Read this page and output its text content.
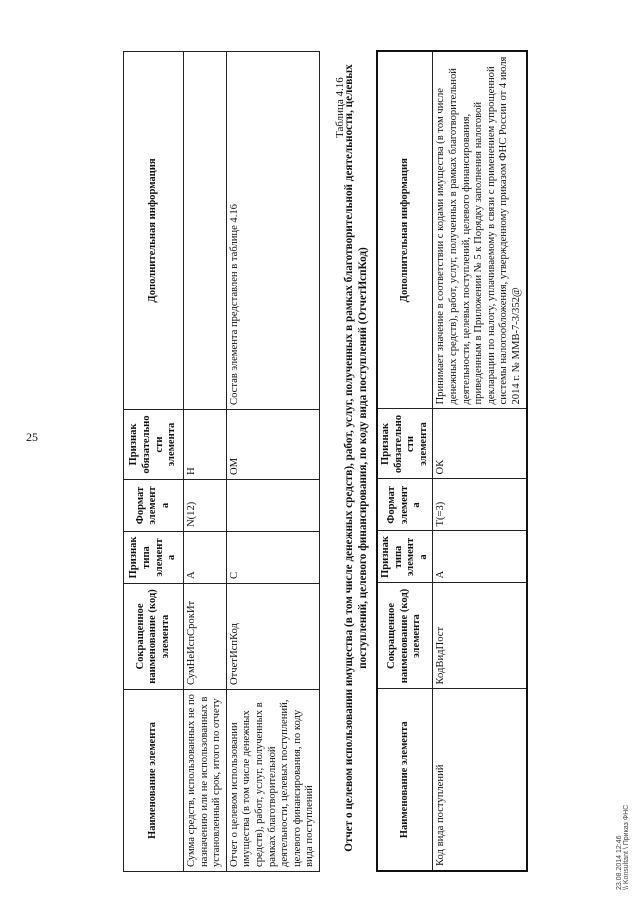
25
Наименование элемента	Сокращенное наименование (код) элемента	Признак типа элемента	Формат элемента	Признак обязательности элемента	Дополнительная информация
Сумма средств, использованных не по назначению или не использованных в установленный срок, итого по отчету	СумНеИспСрокИт	А	N(12)	Н	
Отчет о целевом использовании имущества (в том числе денежных средств), работ, услуг, полученных в рамках благотворительной деятельности, целевых поступлений, целевого финансирования, по коду вида поступлений	ОтчетИспКод	С		ОМ	Состав элемента представлен в таблице 4.16
Таблица 4.16
Отчет о целевом использовании имущества (в том числе денежных средств), работ, услуг, полученных в рамках благотворительной деятельности, целевых поступлений, целевого финансирования, по коду вида поступлений (ОтчетИспКод)
Наименование элемента	Сокращенное наименование (код) элемента	Признак типа элемента	Формат элемента	Признак обязательности элемента	Дополнительная информация
Код вида поступлений	КодВидПост	А	Т(=3)	ОК	Принимает значение в соответствии с кодами имущества (в том числе денежных средств), работ, услуг, полученных в рамках благотворительной деятельности, целевых поступлений, целевого финансирования, приведенным в Приложении № 5 к Порядку заполнения налоговой декларации по налогу, уплачиваемому в связи с применением упрощенной системы налогообложения, утвержденному приказом ФНС России от 4 июля 2014 г. № ММВ-7-3/352@
23.08.2014 12:46 \\ Konsultant \ Приказ ФНС
